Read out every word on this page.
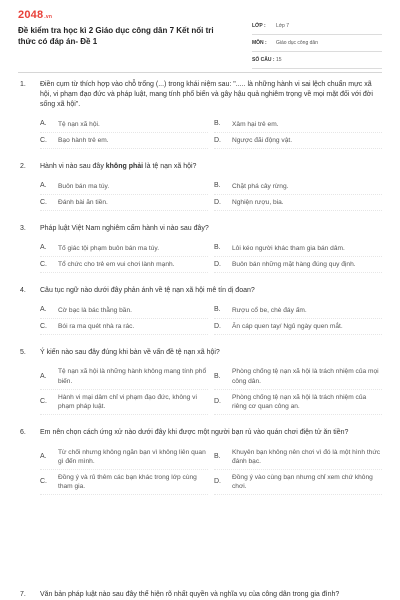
2048.vn
Đề kiểm tra học kì 2 Giáo dục công dân 7 Kết nối tri thức có đáp án- Đề 1
LỚP :	Lớp 7
MÔN :	Giáo dục công dân
SỐ CÂU : 15
1. Điền cụm từ thích hợp vào chỗ trống (...) trong khái niệm sau: "..... là những hành vi sai lệch chuẩn mực xã hội, vi phạm đạo đức và pháp luật, mang tính phổ biến và gây hậu quả nghiêm trọng về mọi mặt đối với đời sống xã hội".
A.	Tệ nạn xã hội.	B.	Xâm hại trẻ em.
C.	Bạo hành trẻ em.	D.	Ngược đãi động vật.
2. Hành vi nào sau đây không phải là tệ nạn xã hội?
A.	Buôn bán ma túy.	B.	Chặt phá cây rừng.
C.	Đánh bài ăn tiền.	D.	Nghiện rượu, bia.
3. Pháp luật Việt Nam nghiêm cấm hành vi nào sau đây?
A.	Tố giác tội phạm buôn bán ma túy.	B.	Lôi kéo người khác tham gia bán dâm.
C.	Tổ chức cho trẻ em vui chơi lành mạnh.	D.	Buôn bán những mặt hàng đúng quy định.
4. Câu tục ngữ nào dưới đây phản ánh về tệ nạn xã hội mê tín dị đoan?
A.	Cờ bạc là bác thằng bần.	B.	Rượu cổ be, chè đáy ấm.
C.	Bói ra ma quét nhà ra rác.	D.	Ăn cáp quen tay/ Ngủ ngày quen mắt.
5. Ý kiến nào sau đây đúng khi bàn về vấn đề tệ nạn xã hội?
A.
Tệ nạn xã hội là những hành không mang tính phổ biến.
B.
Phòng chống tệ nạn xã hội là trách nhiệm của mọi công dân.
C.
Hành vi mại dâm chỉ vi phạm đạo đức, không vi phạm pháp luật.
D.
Phòng chống tệ nạn xã hội là trách nhiệm của riêng cơ quan công an.
6. Em nên chọn cách ứng xử nào dưới đây khi được một người bạn rủ vào quán chơi điện tử ăn tiền?
A.
Từ chối nhưng không ngăn bạn vì không liên quan gì đến mình.
B.
Khuyên bạn không nên chơi vì đó là một hình thức đánh bạc.
C.
Đồng ý và rủ thêm các bạn khác trong lớp cùng tham gia.
D.
Đồng ý vào cùng bạn nhưng chỉ xem chứ không chơi.
7. Văn bản pháp luật nào sau đây thể hiện rõ nhất quyền và nghĩa vụ của công dân trong gia đình?
